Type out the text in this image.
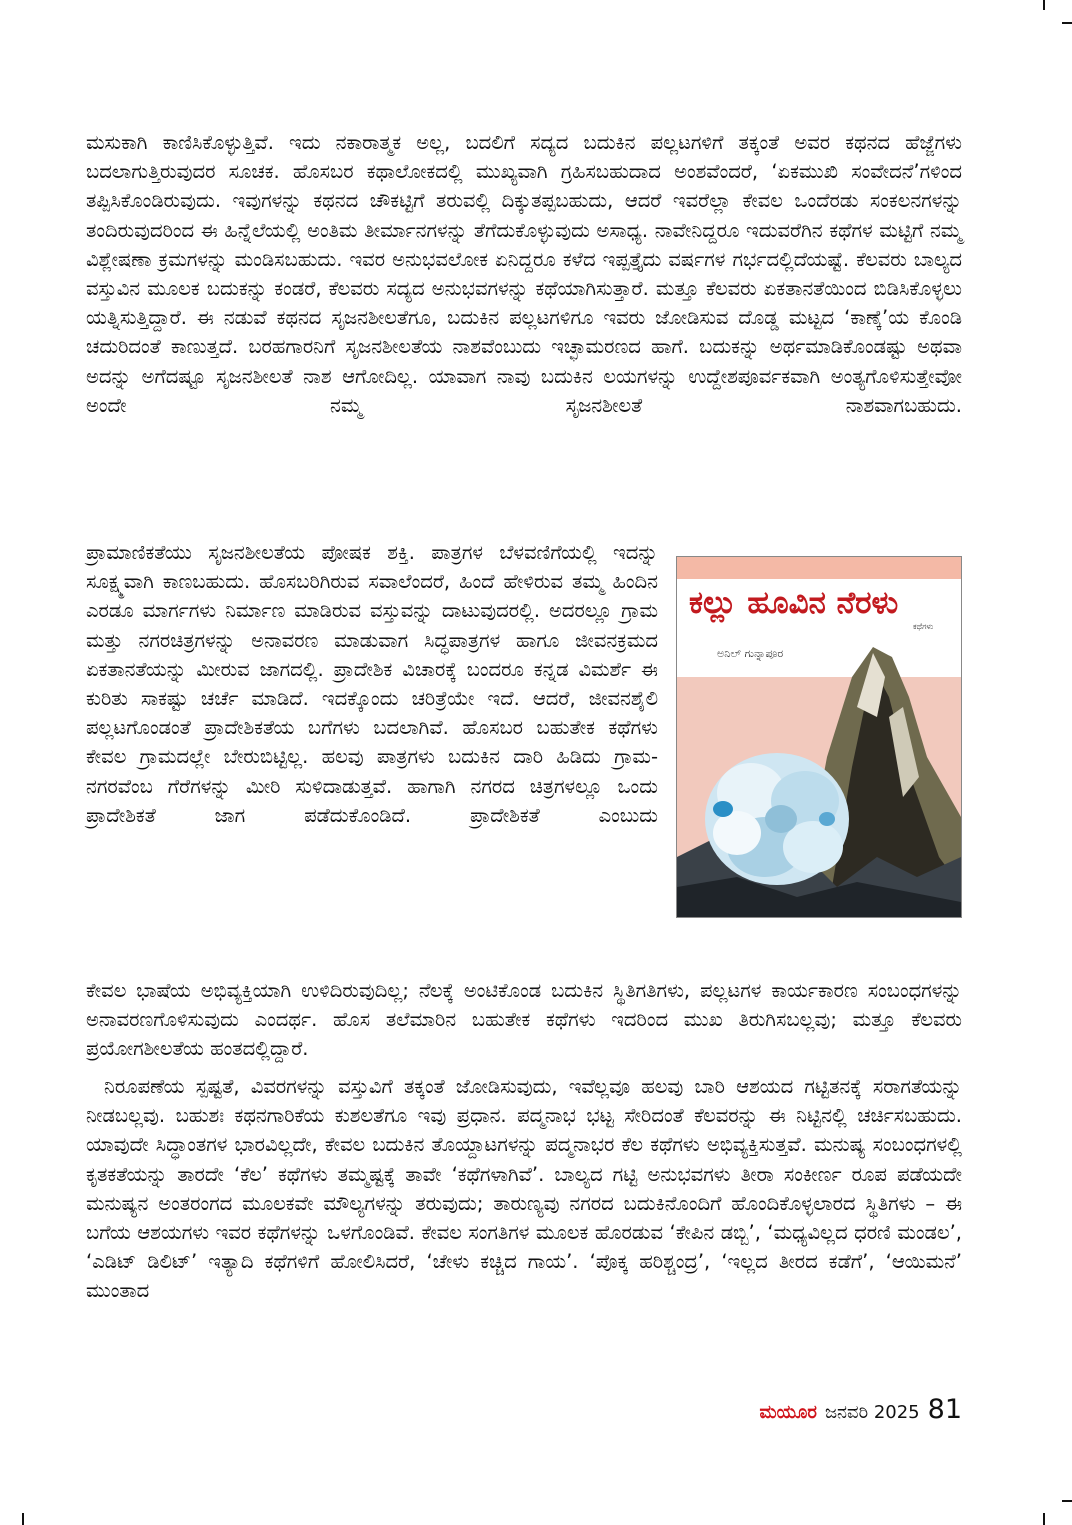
ಮಸುಕಾಗಿ ಕಾಣಿಸಿಕೊಳ್ಳುತ್ತಿವೆ. ಇದು ನಕಾರಾತ್ಮಕ ಅಲ್ಲ, ಬದಲಿಗೆ ಸದ್ಯದ ಬದುಕಿನ ಪಲ್ಲಟಗಳಿಗೆ ತಕ್ಕಂತೆ ಅವರ ಕಥನದ ಹೆಜ್ಜೆಗಳು ಬದಲಾಗುತ್ತಿರುವುದರ ಸೂಚಕ. ಹೊಸಬರ ಕಥಾಲೋಕದಲ್ಲಿ ಮುಖ್ಯವಾಗಿ ಗ್ರಹಿಸಬಹುದಾದ ಅಂಶವೆಂದರೆ, ‘ಏಕಮುಖಿ ಸಂವೇದನೆ’ಗಳಿಂದ ತಪ್ಪಿಸಿಕೊಂಡಿರುವುದು. ಇವುಗಳನ್ನು ಕಥನದ ಚೌಕಟ್ಟಿಗೆ ತರುವಲ್ಲಿ ದಿಕ್ಕುತಪ್ಪಬಹುದು, ಆದರೆ ಇವರೆಲ್ಲಾ ಕೇವಲ ಒಂದೆರಡು ಸಂಕಲನಗಳನ್ನು ತಂದಿರುವುದರಿಂದ ಈ ಹಿನ್ನೆಲೆಯಲ್ಲಿ ಅಂತಿಮ ತೀರ್ಮಾನಗಳನ್ನು ತೆಗೆದುಕೊಳ್ಳುವುದು ಅಸಾಧ್ಯ. ನಾವೇನಿದ್ದರೂ ಇದುವರೆಗಿನ ಕಥೆಗಳ ಮಟ್ಟಿಗೆ ನಮ್ಮ ವಿಶ್ಲೇಷಣಾ ಕ್ರಮಗಳನ್ನು ಮಂಡಿಸಬಹುದು. ಇವರ ಅನುಭವಲೋಕ ಏನಿದ್ದರೂ ಕಳೆದ ಇಪ್ಪತ್ತೈದು ವರ್ಷಗಳ ಗರ್ಭದಲ್ಲಿದೆಯಷ್ಟೆ. ಕೆಲವರು ಬಾಲ್ಯದ ವಸ್ತುವಿನ ಮೂಲಕ ಬದುಕನ್ನು ಕಂಡರೆ, ಕೆಲವರು ಸದ್ಯದ ಅನುಭವಗಳನ್ನು ಕಥೆಯಾಗಿಸುತ್ತಾರೆ. ಮತ್ತೂ ಕೆಲವರು ಏಕತಾನತೆಯಿಂದ ಬಿಡಿಸಿಕೊಳ್ಳಲು ಯತ್ನಿಸುತ್ತಿದ್ದಾರೆ. ಈ ನಡುವೆ ಕಥನದ ಸೃಜನಶೀಲತೆಗೂ, ಬದುಕಿನ ಪಲ್ಲಟಗಳಿಗೂ ಇವರು ಜೋಡಿಸುವ ದೊಡ್ಡ ಮಟ್ಟದ ‘ಕಾಣ್ಕೆ’ಯ ಕೊಂಡಿ ಚದುರಿದಂತೆ ಕಾಣುತ್ತದೆ. ಬರಹಗಾರನಿಗೆ ಸೃಜನಶೀಲತೆಯ ನಾಶವೆಂಬುದು ಇಚ್ಛಾಮರಣದ ಹಾಗೆ. ಬದುಕನ್ನು ಅರ್ಥಮಾಡಿಕೊಂಡಷ್ಟು ಅಥವಾ ಅದನ್ನು ಅಗೆದಷ್ಟೂ ಸೃಜನಶೀಲತೆ ನಾಶ ಆಗೋದಿಲ್ಲ. ಯಾವಾಗ ನಾವು ಬದುಕಿನ ಲಯಗಳನ್ನು ಉದ್ದೇಶಪೂರ್ವಕವಾಗಿ ಅಂತ್ಯಗೊಳಿಸುತ್ತೇವೋ ಅಂದೇ ನಮ್ಮ ಸೃಜನಶೀಲತೆ ನಾಶವಾಗಬಹುದು.

ಪ್ರಾಮಾಣಿಕತೆಯು ಸೃಜನಶೀಲತೆಯ ಪೋಷಕ ಶಕ್ತಿ. ಪಾತ್ರಗಳ ಬೆಳವಣಿಗೆಯಲ್ಲಿ ಇದನ್ನು ಸೂಕ್ಷ್ಮವಾಗಿ ಕಾಣಬಹುದು. ಹೊಸಬರಿಗಿರುವ ಸವಾಲೆಂದರೆ, ಹಿಂದೆ ಹೇಳಿರುವ ತಮ್ಮ ಹಿಂದಿನ ಎರಡೂ ಮಾರ್ಗಗಳು ನಿರ್ಮಾಣ ಮಾಡಿರುವ ವಸ್ತುವನ್ನು ದಾಟುವುದರಲ್ಲಿ. ಅದರಲ್ಲೂ ಗ್ರಾಮ ಮತ್ತು ನಗರಚಿತ್ರಗಳನ್ನು ಅನಾವರಣ ಮಾಡುವಾಗ ಸಿದ್ಧಪಾತ್ರಗಳ ಹಾಗೂ ಜೀವನಕ್ರಮದ ಏಕತಾನತೆಯನ್ನು ಮೀರುವ ಜಾಗದಲ್ಲಿ. ಪ್ರಾದೇಶಿಕ ವಿಚಾರಕ್ಕೆ ಬಂದರೂ ಕನ್ನಡ ವಿಮರ್ಶೆ ಈ ಕುರಿತು ಸಾಕಷ್ಟು ಚರ್ಚೆ ಮಾಡಿದೆ. ಇದಕ್ಕೊಂದು ಚರಿತ್ರೆಯೇ ಇದೆ. ಆದರೆ, ಜೀವನಶೈಲಿ ಪಲ್ಲಟಗೊಂಡಂತೆ ಪ್ರಾದೇಶಿಕತೆಯ ಬಗೆಗಳು ಬದಲಾಗಿವೆ. ಹೊಸಬರ ಬಹುತೇಕ ಕಥೆಗಳು ಕೇವಲ ಗ್ರಾಮದಲ್ಲೇ ಬೇರುಬಿಟ್ಟಿಲ್ಲ. ಹಲವು ಪಾತ್ರಗಳು ಬದುಕಿನ ದಾರಿ ಹಿಡಿದು ಗ್ರಾಮ-ನಗರವೆಂಬ ಗೆರೆಗಳನ್ನು ಮೀರಿ ಸುಳಿದಾಡುತ್ತವೆ. ಹಾಗಾಗಿ ನಗರದ ಚಿತ್ರಗಳಲ್ಲೂ ಒಂದು ಪ್ರಾದೇಶಿಕತೆ ಜಾಗ ಪಡೆದುಕೊಂಡಿದೆ. ಪ್ರಾದೇಶಿಕತೆ ಎಂಬುದು

ಕಲ್ಲು ಹೂವಿನ ನೆರಳು
ಕಥೆಗಳು
ಅನಿಲ್ ಗುನ್ನಾಪೂರ

ಕೇವಲ ಭಾಷೆಯ ಅಭಿವ್ಯಕ್ತಿಯಾಗಿ ಉಳಿದಿರುವುದಿಲ್ಲ; ನೆಲಕ್ಕೆ ಅಂಟಿಕೊಂಡ ಬದುಕಿನ ಸ್ಥಿತಿಗತಿಗಳು, ಪಲ್ಲಟಗಳ ಕಾರ್ಯಕಾರಣ ಸಂಬಂಧಗಳನ್ನು ಅನಾವರಣಗೊಳಿಸುವುದು ಎಂದರ್ಥ. ಹೊಸ ತಲೆಮಾರಿನ ಬಹುತೇಕ ಕಥೆಗಳು ಇದರಿಂದ ಮುಖ ತಿರುಗಿಸಬಲ್ಲವು; ಮತ್ತೂ ಕೆಲವರು ಪ್ರಯೋಗಶೀಲತೆಯ ಹಂತದಲ್ಲಿದ್ದಾರೆ.

ನಿರೂಪಣೆಯ ಸ್ಪಷ್ಟತೆ, ವಿವರಗಳನ್ನು ವಸ್ತುವಿಗೆ ತಕ್ಕಂತೆ ಜೋಡಿಸುವುದು, ಇವೆಲ್ಲವೂ ಹಲವು ಬಾರಿ ಆಶಯದ ಗಟ್ಟಿತನಕ್ಕೆ ಸರಾಗತೆಯನ್ನು ನೀಡಬಲ್ಲವು. ಬಹುಶಃ ಕಥನಗಾರಿಕೆಯ ಕುಶಲತೆಗೂ ಇವು ಪ್ರಧಾನ. ಪದ್ಮನಾಭ ಭಟ್ಟ ಸೇರಿದಂತೆ ಕೆಲವರನ್ನು ಈ ನಿಟ್ಟಿನಲ್ಲಿ ಚರ್ಚಿಸಬಹುದು. ಯಾವುದೇ ಸಿದ್ಧಾಂತಗಳ ಭಾರವಿಲ್ಲದೇ, ಕೇವಲ ಬದುಕಿನ ತೊಯ್ದಾಟಗಳನ್ನು ಪದ್ಮನಾಭರ ಕೆಲ ಕಥೆಗಳು ಅಭಿವ್ಯಕ್ತಿಸುತ್ತವೆ. ಮನುಷ್ಯ ಸಂಬಂಧಗಳಲ್ಲಿ ಕೃತಕತೆಯನ್ನು ತಾರದೇ ‘ಕೆಲ’ ಕಥೆಗಳು ತಮ್ಮಷ್ಟಕ್ಕೆ ತಾವೇ ‘ಕಥೆಗಳಾಗಿವೆ’. ಬಾಲ್ಯದ ಗಟ್ಟಿ ಅನುಭವಗಳು ತೀರಾ ಸಂಕೀರ್ಣ ರೂಪ ಪಡೆಯದೇ ಮನುಷ್ಯನ ಅಂತರಂಗದ ಮೂಲಕವೇ ಮೌಲ್ಯಗಳನ್ನು ತರುವುದು; ತಾರುಣ್ಯವು ನಗರದ ಬದುಕಿನೊಂದಿಗೆ ಹೊಂದಿಕೊಳ್ಳಲಾರದ ಸ್ಥಿತಿಗಳು – ಈ ಬಗೆಯ ಆಶಯಗಳು ಇವರ ಕಥೆಗಳನ್ನು ಒಳಗೊಂಡಿವೆ. ಕೇವಲ ಸಂಗತಿಗಳ ಮೂಲಕ ಹೊರಡುವ ‘ಕೇಪಿನ ಡಬ್ಬಿ’, ‘ಮಧ್ಯವಿಲ್ಲದ ಧರಣಿ ಮಂಡಲ’, ‘ಎಡಿಟ್ ಡಿಲಿಟ್’ ಇತ್ಯಾದಿ ಕಥೆಗಳಿಗೆ ಹೋಲಿಸಿದರೆ, ‘ಚೇಳು ಕಚ್ಚಿದ ಗಾಯ’. ‘ಪೊಕ್ಕ ಹರಿಶ್ಚಂದ್ರ’, ‘ಇಲ್ಲದ ತೀರದ ಕಡೆಗೆ’, ‘ಆಯಿಮನೆ’ ಮುಂತಾದ

ಮಯೂರ ಜನವರಿ 2025 81
